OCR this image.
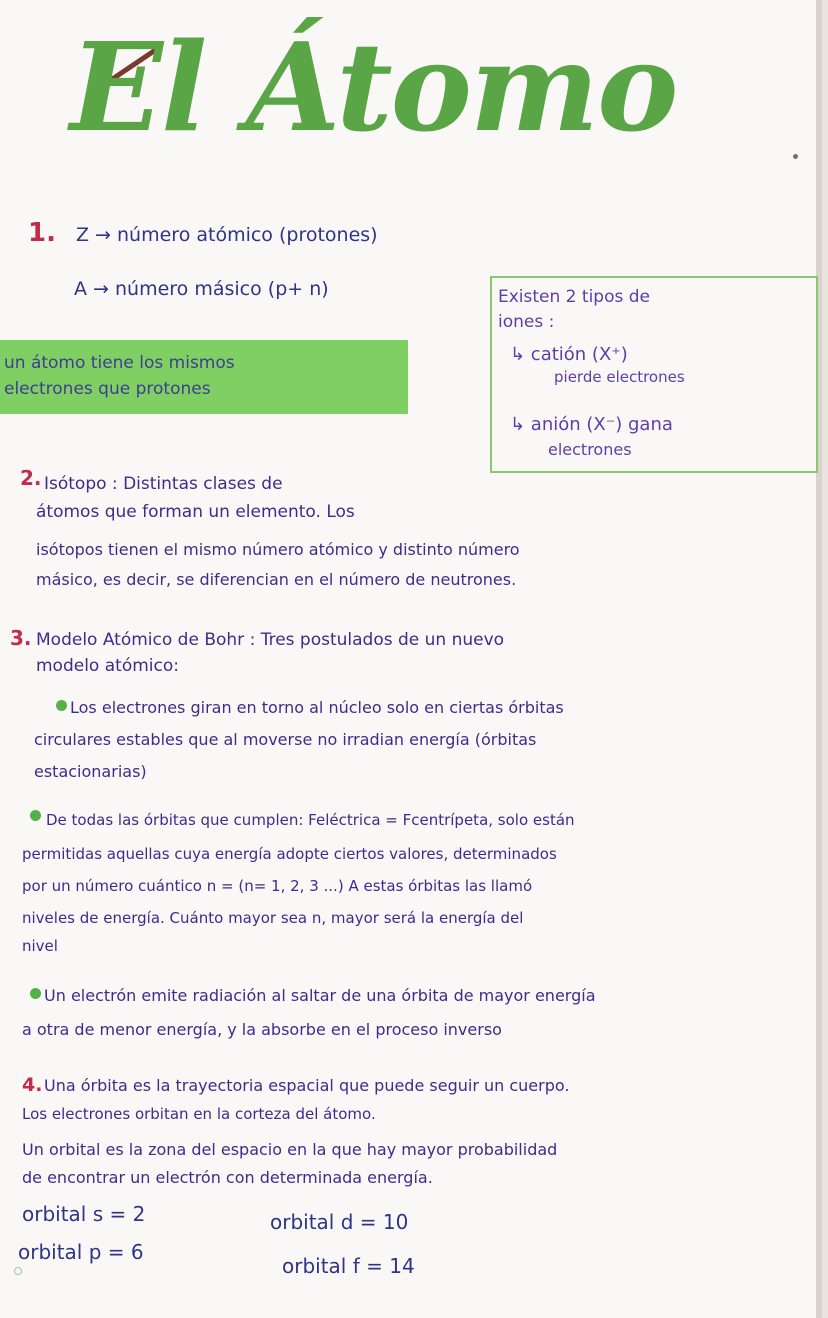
El Átomo
1. Z → número atómico (protones)
A → número másico (p+ n)
un átomo tiene los mismos
electrones que protones
Existen 2 tipos de
iones :
↳ catión (X⁺)
pierde electrones
↳ anión (X⁻) gana
electrones
2. Isótopo : Distintas clases de
átomos que forman un elemento. Los
isótopos tienen el mismo número atómico y distinto número
másico, es decir, se diferencian en el número de neutrones.
3. Modelo Atómico de Bohr : Tres postulados de un nuevo
modelo atómico:
Los electrones giran en torno al núcleo solo en ciertas órbitas
circulares estables que al moverse no irradian energía (órbitas
estacionarias)
De todas las órbitas que cumplen: Feléctrica = Fcentrípeta, solo están
permitidas aquellas cuya energía adopte ciertos valores, determinados
por un número cuántico n = (n= 1, 2, 3 ...) A estas órbitas las llamó
niveles de energía. Cuánto mayor sea n, mayor será la energía del
nivel
Un electrón emite radiación al saltar de una órbita de mayor energía
a otra de menor energía, y la absorbe en el proceso inverso
4. Una órbita es la trayectoria espacial que puede seguir un cuerpo.
Los electrones orbitan en la corteza del átomo.
Un orbital es la zona del espacio en la que hay mayor probabilidad
de encontrar un electrón con determinada energía.
orbital s = 2	orbital d = 10
orbital p = 6
orbital f = 14
